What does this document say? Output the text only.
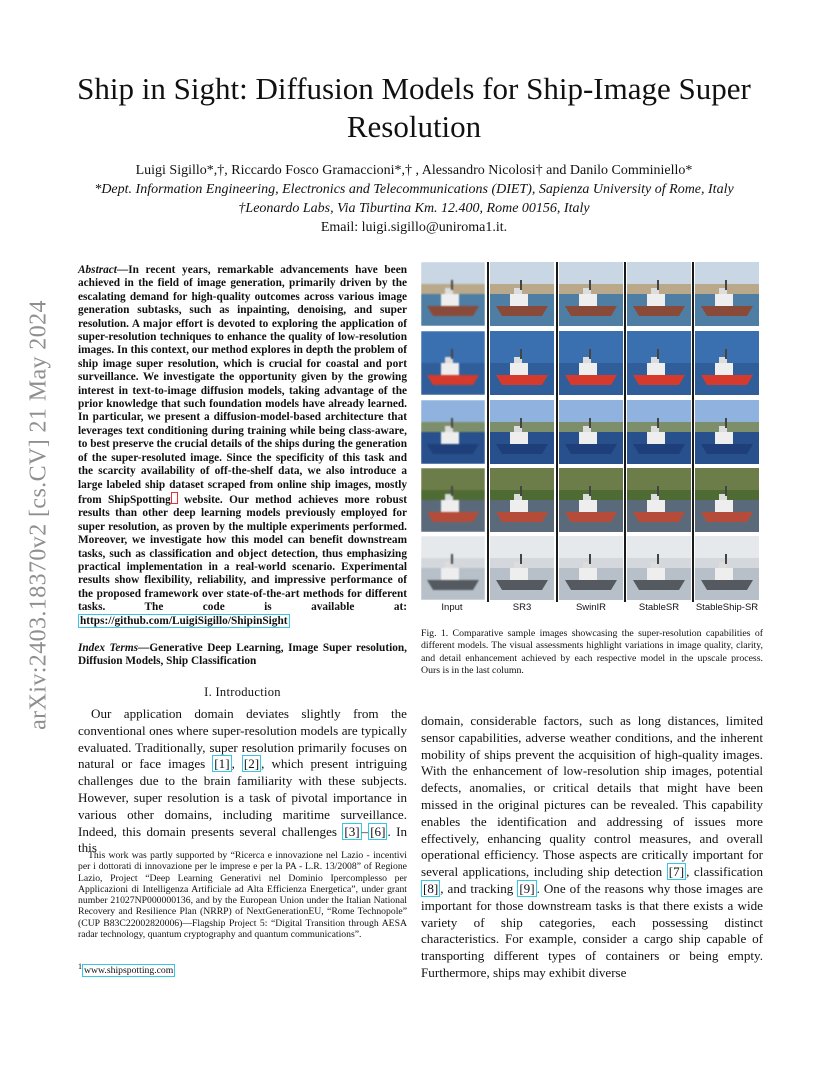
Ship in Sight: Diffusion Models for Ship-Image Super Resolution
Luigi Sigillo*,†, Riccardo Fosco Gramaccioni*,† , Alessandro Nicolosi† and Danilo Comminiello*
*Dept. Information Engineering, Electronics and Telecommunications (DIET), Sapienza University of Rome, Italy
†Leonardo Labs, Via Tiburtina Km. 12.400, Rome 00156, Italy
Email: luigi.sigillo@uniroma1.it.
arXiv:2403.18370v2 [cs.CV] 21 May 2024
Abstract—In recent years, remarkable advancements have been achieved in the field of image generation, primarily driven by the escalating demand for high-quality outcomes across various image generation subtasks, such as inpainting, denoising, and super resolution. A major effort is devoted to exploring the application of super-resolution techniques to enhance the quality of low-resolution images. In this context, our method explores in depth the problem of ship image super resolution, which is crucial for coastal and port surveillance. We investigate the opportunity given by the growing interest in text-to-image diffusion models, taking advantage of the prior knowledge that such foundation models have already learned. In particular, we present a diffusion-model-based architecture that leverages text conditioning during training while being class-aware, to best preserve the crucial details of the ships during the generation of the super-resoluted image. Since the specificity of this task and the scarcity availability of off-the-shelf data, we also introduce a large labeled ship dataset scraped from online ship images, mostly from ShipSpotting website. Our method achieves more robust results than other deep learning models previously employed for super resolution, as proven by the multiple experiments performed. Moreover, we investigate how this model can benefit downstream tasks, such as classification and object detection, thus emphasizing practical implementation in a real-world scenario. Experimental results show flexibility, reliability, and impressive performance of the proposed framework over state-of-the-art methods for different tasks. The code is available at: https://github.com/LuigiSigillo/ShipinSight
Index Terms—Generative Deep Learning, Image Super resolution, Diffusion Models, Ship Classification
I. Introduction
Our application domain deviates slightly from the conventional ones where super-resolution models are typically evaluated. Traditionally, super resolution primarily focuses on natural or face images [1] , [2] , which present intriguing challenges due to the brain familiarity with these subjects. However, super resolution is a task of pivotal importance in various other domains, including maritime surveillance. Indeed, this domain presents several challenges [3] – [6] . In this
This work was partly supported by “Ricerca e innovazione nel Lazio - incentivi per i dottorati di innovazione per le imprese e per la PA - L.R. 13/2008” of Regione Lazio, Project “Deep Learning Generativi nel Dominio Ipercomplesso per Applicazioni di Intelligenza Artificiale ad Alta Efficienza Energetica”, under grant number 21027NP000000136, and by the European Union under the Italian National Recovery and Resilience Plan (NRRP) of NextGenerationEU, “Rome Technopole” (CUP B83C22002820006)—Flagship Project 5: “Digital Transition through AESA radar technology, quantum cryptography and quantum communications”.
$^1$ www.shipspotting.com
Input	SR3	SwinIR	StableSR	StableShip-SR
Fig. 1. Comparative sample images showcasing the super-resolution capabilities of different models. The visual assessments highlight variations in image quality, clarity, and detail enhancement achieved by each respective model in the upscale process. Ours is in the last column.
domain, considerable factors, such as long distances, limited sensor capabilities, adverse weather conditions, and the inherent mobility of ships prevent the acquisition of high-quality images. With the enhancement of low-resolution ship images, potential defects, anomalies, or critical details that might have been missed in the original pictures can be revealed. This capability enables the identification and addressing of issues more effectively, enhancing quality control measures, and overall operational efficiency. Those aspects are critically important for several applications, including ship detection [7] , classification [8] , and tracking [9] . One of the reasons why those images are important for those downstream tasks is that there exists a wide variety of ship categories, each possessing distinct characteristics. For example, consider a cargo ship capable of transporting different types of containers or being empty. Furthermore, ships may exhibit diverse
